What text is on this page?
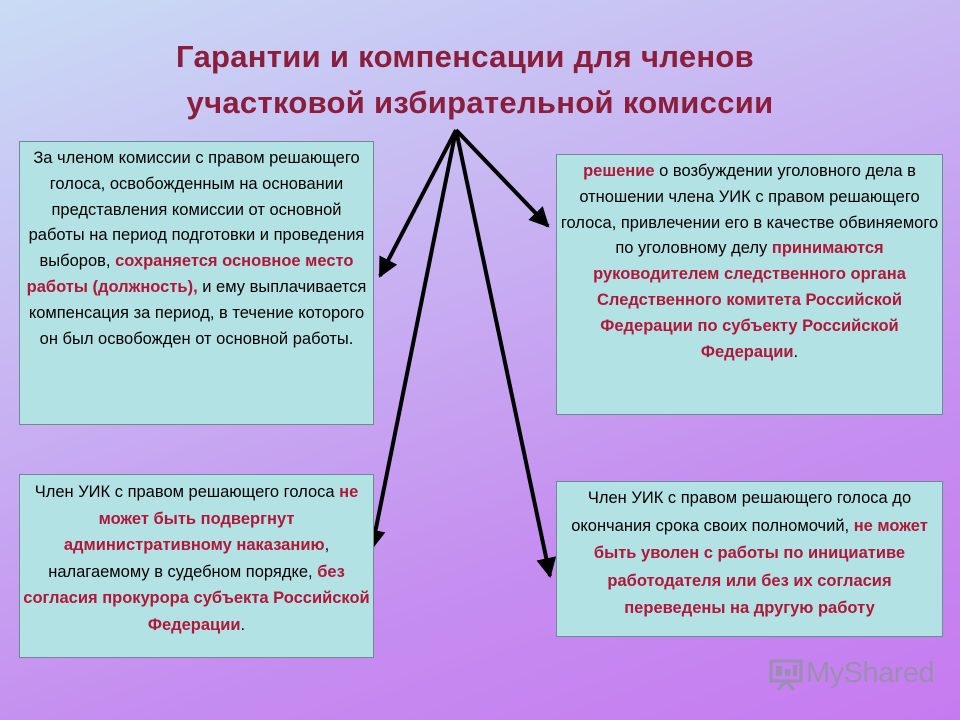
Гарантии и компенсации для членов
участковой избирательной комиссии
За членом комиссии с правом решающего голоса, освобожденным на основании представления комиссии от основной работы на период подготовки и проведения выборов, сохраняется основное место работы (должность), и ему выплачивается компенсация за период, в течение которого он был освобожден от основной работы.
решение о возбуждении уголовного дела в отношении члена УИК с правом решающего голоса, привлечении его в качестве обвиняемого по уголовному делу принимаются руководителем следственного органа Следственного комитета Российской Федерации по субъекту Российской Федерации.
Член УИК с правом решающего голоса не может быть подвергнут административному наказанию, налагаемому в судебном порядке, без согласия прокурора субъекта Российской Федерации.
Член УИК с правом решающего голоса до окончания срока своих полномочий, не может быть уволен с работы по инициативе работодателя или без их согласия переведены на другую работу
MyShared
